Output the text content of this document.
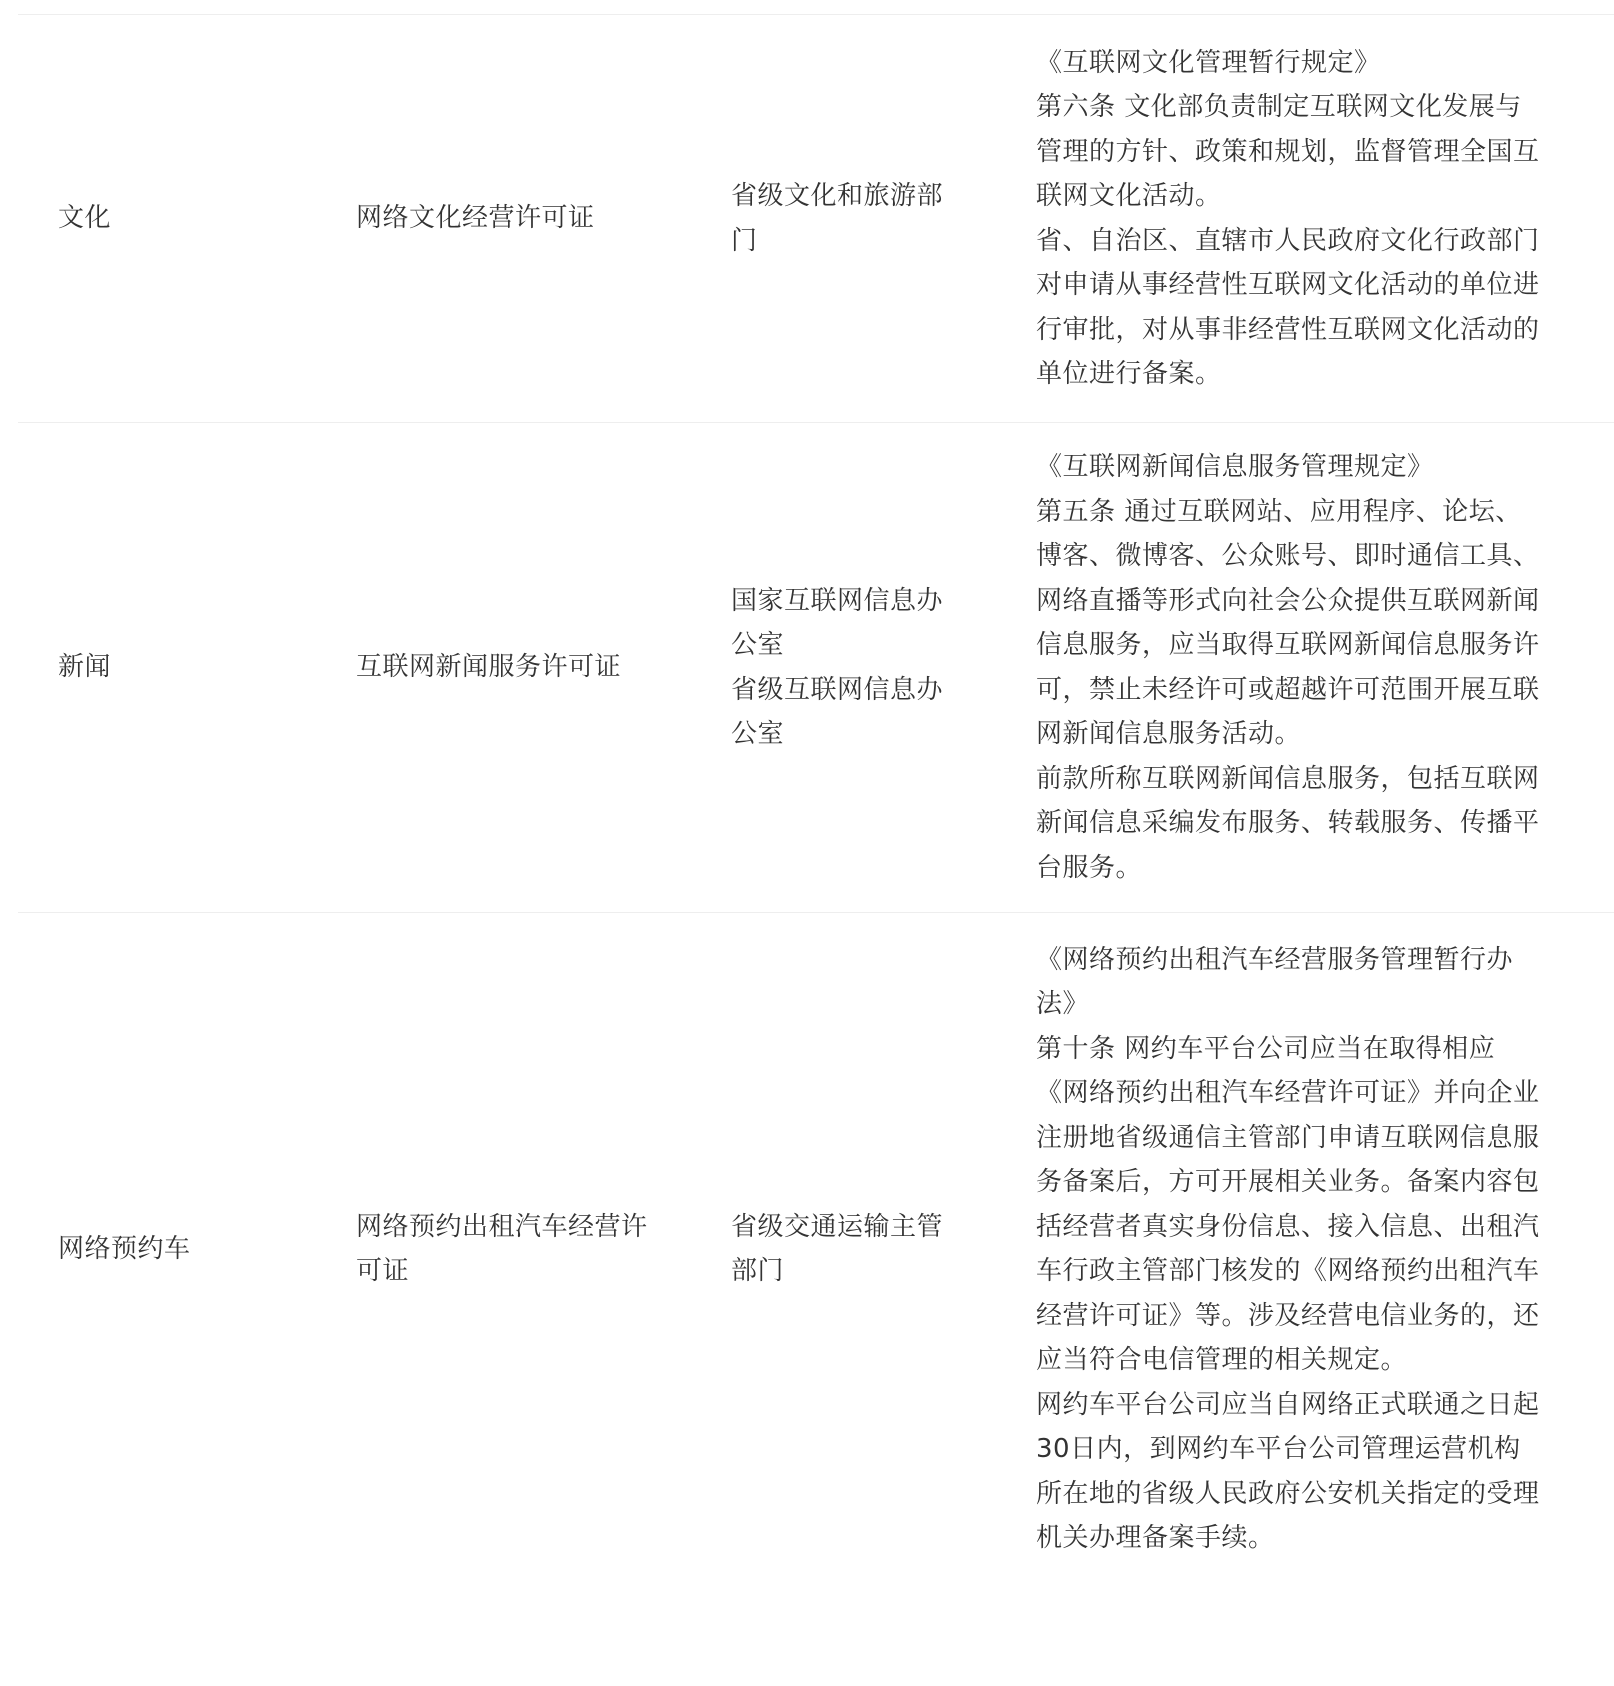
文化	网络文化经营许可证
省级文化和旅游部门
《互联网文化管理暂行规定》
第六条 文化部负责制定互联网文化发展与管理的方针、政策和规划，监督管理全国互联网文化活动。
省、自治区、直辖市人民政府文化行政部门对申请从事经营性互联网文化活动的单位进行审批，对从事非经营性互联网文化活动的单位进行备案。
新闻	互联网新闻服务许可证
国家互联网信息办公室
省级互联网信息办公室
《互联网新闻信息服务管理规定》
第五条 通过互联网站、应用程序、论坛、博客、微博客、公众账号、即时通信工具、网络直播等形式向社会公众提供互联网新闻信息服务，应当取得互联网新闻信息服务许可，禁止未经许可或超越许可范围开展互联网新闻信息服务活动。
前款所称互联网新闻信息服务，包括互联网新闻信息采编发布服务、转载服务、传播平台服务。
网络预约车
网络预约出租汽车经营许可证
省级交通运输主管部门
《网络预约出租汽车经营服务管理暂行办法》
第十条 网约车平台公司应当在取得相应《网络预约出租汽车经营许可证》并向企业注册地省级通信主管部门申请互联网信息服务备案后，方可开展相关业务。备案内容包括经营者真实身份信息、接入信息、出租汽车行政主管部门核发的《网络预约出租汽车经营许可证》等。涉及经营电信业务的，还应当符合电信管理的相关规定。
网约车平台公司应当自网络正式联通之日起30日内，到网约车平台公司管理运营机构所在地的省级人民政府公安机关指定的受理机关办理备案手续。
